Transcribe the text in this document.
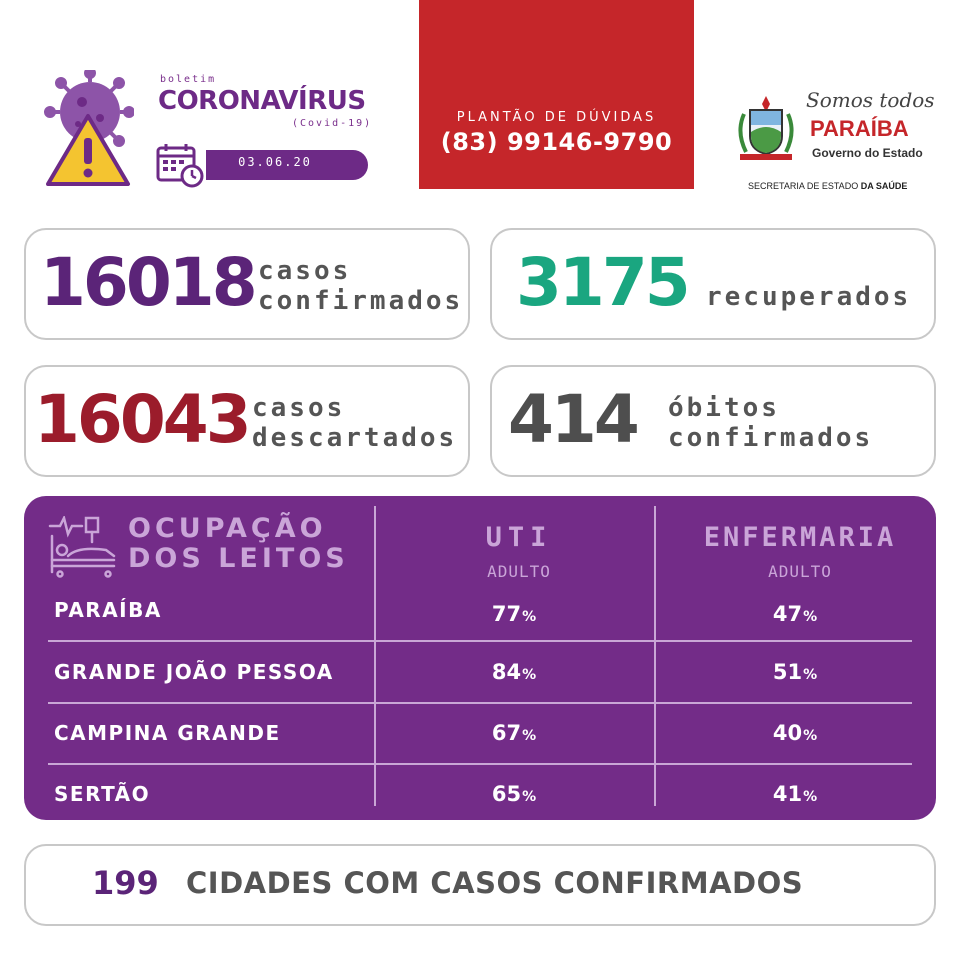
boletim
CORONAVÍRUS
(Covid-19)
03.06.20
PLANTÃO DE DÚVIDAS
(83) 99146-9790
Somos todos
PARAÍBA
Governo do Estado
SECRETARIA DE ESTADO DA SAÚDE
16018 casos
confirmados 3175 recuperados
16043 casos
descartados 414 óbitos
confirmados
OCUPAÇÃO
DOS LEITOS
UTI
ADULTO
ENFERMARIA
ADULTO
PARAÍBA	77%	47%
GRANDE JOÃO PESSOA	84%	51%
CAMPINA GRANDE	67%	40%
SERTÃO	65%	41%
199 CIDADES COM CASOS CONFIRMADOS
